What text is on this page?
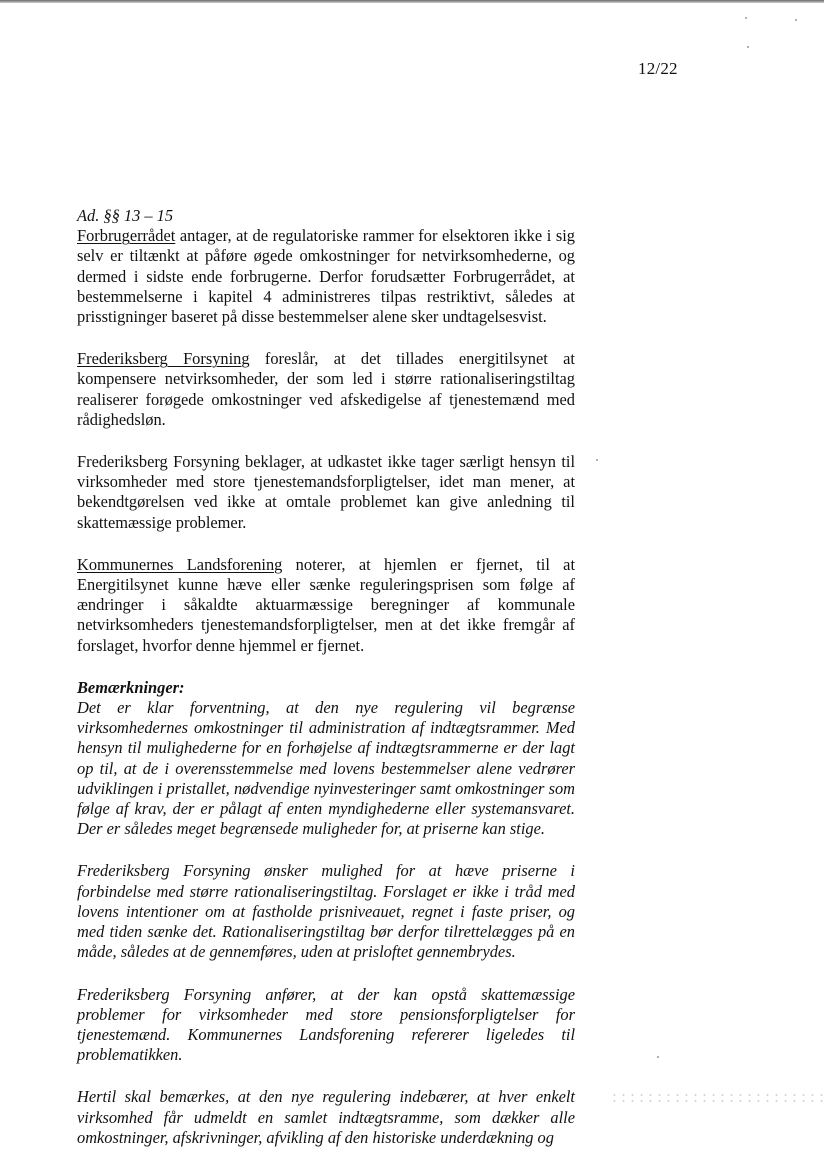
12/22

Ad. §§ 13 – 15

Forbrugerrådet antager, at de regulatoriske rammer for elsektoren ikke i sig selv er tiltænkt at påføre øgede omkostninger for netvirksomhederne, og dermed i sidste ende forbrugerne. Derfor forudsætter Forbrugerrådet, at bestemmelserne i kapitel 4 administreres tilpas restriktivt, således at prisstigninger baseret på disse bestemmelser alene sker undtagelsesvist.

Frederiksberg Forsyning foreslår, at det tillades energitilsynet at kompensere netvirksomheder, der som led i større rationaliseringstiltag realiserer forøgede omkostninger ved afskedigelse af tjenestemænd med rådighedsløn.

Frederiksberg Forsyning beklager, at udkastet ikke tager særligt hensyn til virksomheder med store tjenestemandsforpligtelser, idet man mener, at bekendtgørelsen ved ikke at omtale problemet kan give anledning til skattemæssige problemer.

Kommunernes Landsforening noterer, at hjemlen er fjernet, til at Energitilsynet kunne hæve eller sænke reguleringsprisen som følge af ændringer i såkaldte aktuarmæssige beregninger af kommunale netvirksomheders tjenestemandsforpligtelser, men at det ikke fremgår af forslaget, hvorfor denne hjemmel er fjernet.

Bemærkninger:

Det er klar forventning, at den nye regulering vil begrænse virksomhedernes omkostninger til administration af indtægtsrammer. Med hensyn til mulighederne for en forhøjelse af indtægtsrammerne er der lagt op til, at de i overensstemmelse med lovens bestemmelser alene vedrører udviklingen i pristallet, nødvendige nyinvesteringer samt omkostninger som følge af krav, der er pålagt af enten myndighederne eller systemansvaret. Der er således meget begrænsede muligheder for, at priserne kan stige.

Frederiksberg Forsyning ønsker mulighed for at hæve priserne i forbindelse med større rationaliseringstiltag. Forslaget er ikke i tråd med lovens intentioner om at fastholde prisniveauet, regnet i faste priser, og med tiden sænke det. Rationaliseringstiltag bør derfor tilrettelægges på en måde, således at de gennemføres, uden at prisloftet gennembrydes.

Frederiksberg Forsyning anfører, at der kan opstå skattemæssige problemer for virksomheder med store pensionsforpligtelser for tjenestemænd. Kommunernes Landsforening refererer ligeledes til problematikken.

Hertil skal bemærkes, at den nye regulering indebærer, at hver enkelt virksomhed får udmeldt en samlet indtægtsramme, som dækker alle omkostninger, afskrivninger, afvikling af den historiske underdækning og
